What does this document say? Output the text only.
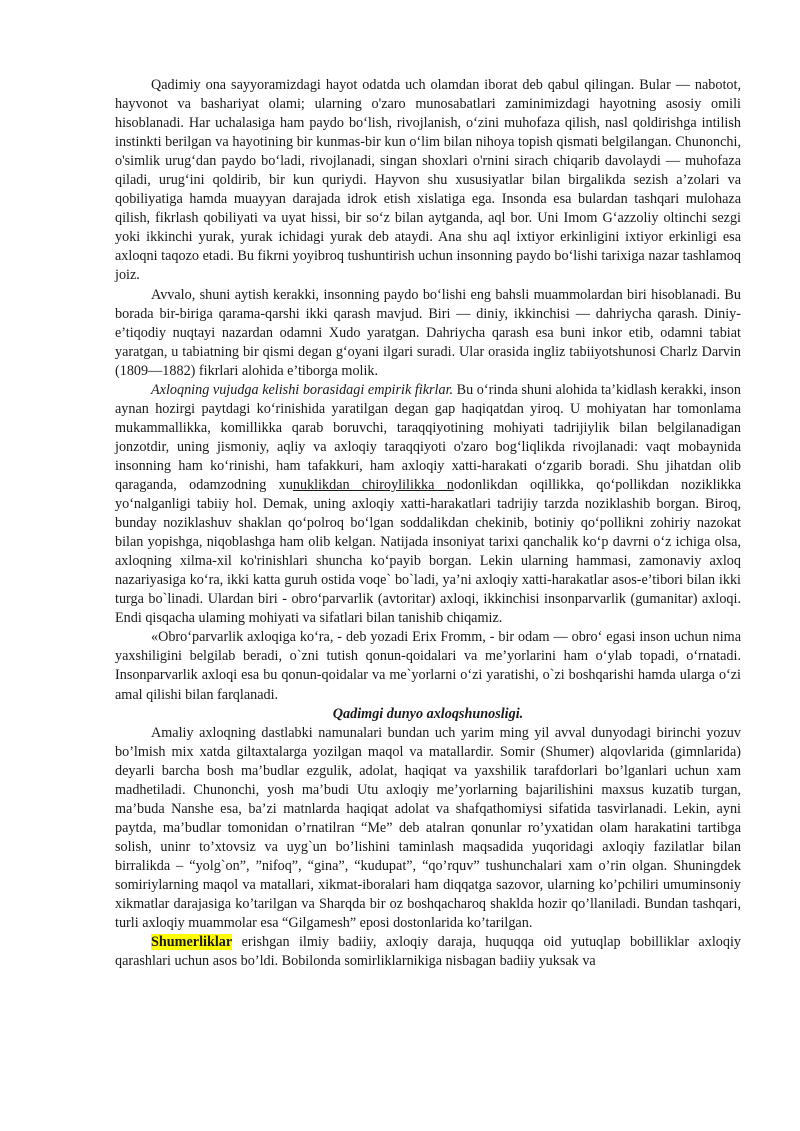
Qadimiy ona sayyoramizdagi hayot odatda uch olamdan iborat deb qabul qilingan. Bular — nabotot, hayvonot va bashariyat olami; ularning o'zaro munosabatlari zaminimizdagi hayotning asosiy omili hisoblanadi. Har uchalasiga ham paydo bo‘lish, rivojlanish, o‘zini muhofaza qilish, nasl qoldirishga intilish instinkti berilgan va hayotining bir kunmas-bir kun o‘lim bilan nihoya topish qismati belgilangan. Chunonchi, o'simlik urug‘dan paydo bo‘ladi, rivojlanadi, singan shoxlari o'rnini sirach chiqarib davolaydi — muhofaza qiladi, urug‘ini qoldirib, bir kun quriydi. Hayvon shu xususiyatlar bilan birgalikda sezish a’zolari va qobiliyatiga hamda muayyan darajada idrok etish xislatiga ega. Insonda esa bulardan tashqari mulohaza qilish, fikrlash qobiliyati va uyat hissi, bir so‘z bilan aytganda, aql bor. Uni Imom G‘azzoliy oltinchi sezgi yoki ikkinchi yurak, yurak ichidagi yurak deb ataydi. Ana shu aql ixtiyor erkinligini ixtiyor erkinligi esa axloqni taqozo etadi. Bu fikrni yoyibroq tushuntirish uchun insonning paydo bo‘lishi tarixiga nazar tashlamoq joiz.

Avvalo, shuni aytish kerakki, insonning paydo bo‘lishi eng bahsli muammolardan biri hisoblanadi. Bu borada bir-biriga qarama-qarshi ikki qarash mavjud. Biri — diniy, ikkinchisi — dahriycha qarash. Diniy- e’tiqodiy nuqtayi nazardan odamni Xudo yaratgan. Dahriycha qarash esa buni inkor etib, odamni tabiat yaratgan, u tabiatning bir qismi degan g‘oyani ilgari suradi. Ular orasida ingliz tabiiyotshunosi Charlz Darvin (1809—1882) fikrlari alohida e’tiborga molik.

Axloqning vujudga kelishi borasidagi empirik fikrlar. Bu o‘rinda shuni alohida ta’kidlash kerakki, inson aynan hozirgi paytdagi ko‘rinishida yaratilgan degan gap haqiqatdan yiroq. U mohiyatan har tomonlama mukammallikka, komillikka qarab boruvchi, taraqqiyotining mohiyati tadrijiylik bilan belgilanadigan jonzotdir, uning jismoniy, aqliy va axloqiy taraqqiyoti o'zaro bog‘liqlikda rivojlanadi: vaqt mobaynida insonning ham ko‘rinishi, ham tafakkuri, ham axloqiy xatti-harakati o‘zgarib boradi. Shu jihatdan olib qaraganda, odamzodning xunuklikdan chiroylilikka nodonlikdan oqillikka, qo‘pollikdan noziklikka yo‘nalganligi tabiiy hol. Demak, uning axloqiy xatti-harakatlari tadrijiy tarzda noziklashib borgan. Biroq, bunday noziklashuv shaklan qo‘polroq bo‘lgan soddalikdan chekinib, botiniy qo‘pollikni zohiriy nazokat bilan yopishga, niqoblashga ham olib kelgan. Natijada insoniyat tarixi qanchalik ko‘p davrni o‘z ichiga olsa, axloqning xilma-xil ko'rinishlari shuncha ko‘payib borgan. Lekin ularning hammasi, zamonaviy axloq nazariyasiga ko‘ra, ikki katta guruh ostida voqe` bo`ladi, ya’ni axloqiy xatti-harakatlar asos-e’tibori bilan ikki turga bo`linadi. Ulardan biri - obro‘parvarlik (avtoritar) axloqi, ikkinchisi insonparvarlik (gumanitar) axloqi. Endi qisqacha ulaming mohiyati va sifatlari bilan tanishib chiqamiz.

«Obro‘parvarlik axloqiga ko‘ra, - deb yozadi Erix Fromm, - bir odam — obro‘ egasi inson uchun nima yaxshiligini belgilab beradi, o`zni tutish qonun-qoidalari va me’yorlarini ham o‘ylab topadi, o‘rnatadi. Insonparvarlik axloqi esa bu qonun-qoidalar va me`yorlarni o‘zi yaratishi, o`zi boshqarishi hamda ularga o‘zi amal qilishi bilan farqlanadi.

Qadimgi dunyo axloqshunosligi.

Amaliy axloqning dastlabki namunalari bundan uch yarim ming yil avval dunyodagi birinchi yozuv bo’lmish mix xatda giltaxtalarga yozilgan maqol va matallardir. Somir (Shumer) alqovlarida (gimnlarida) deyarli barcha bosh ma’budlar ezgulik, adolat, haqiqat va yaxshilik tarafdorlari bo’lganlari uchun xam madhetiladi. Chunonchi, yosh ma’budi Utu axloqiy me’yorlarning bajarilishini maxsus kuzatib turgan, ma’buda Nanshe esa, ba’zi matnlarda haqiqat adolat va shafqathomiysi sifatida tasvirlanadi. Lekin, ayni paytda, ma’budlar tomonidan o’rnatilran “Me” deb atalran qonunlar ro’yxatidan olam harakatini tartibga solish, uninr to’xtovsiz va uyg`un bo’lishini taminlash maqsadida yuqoridagi axloqiy fazilatlar bilan birralikda – “yolg`on”, ”nifoq”, “gina”, “kudupat”, “qo’rquv” tushunchalari xam o’rin olgan. Shuningdek somiriylarning maqol va matallari, xikmat-iboralari ham diqqatga sazovor, ularning ko’pchiliri umuminsoniy xikmatlar darajasiga ko’tarilgan va Sharqda bir oz boshqacharoq shaklda hozir qo’llaniladi. Bundan tashqari, turli axloqiy muammolar esa “Gilgamesh” eposi dostonlarida ko’tarilgan.

Shumerliklar erishgan ilmiy badiiy, axloqiy daraja, huquqqa oid yutuqlap bobilliklar axloqiy qarashlari uchun asos bo’ldi. Bobilonda somirliklarnikiga nisbagan badiiy yuksak va
